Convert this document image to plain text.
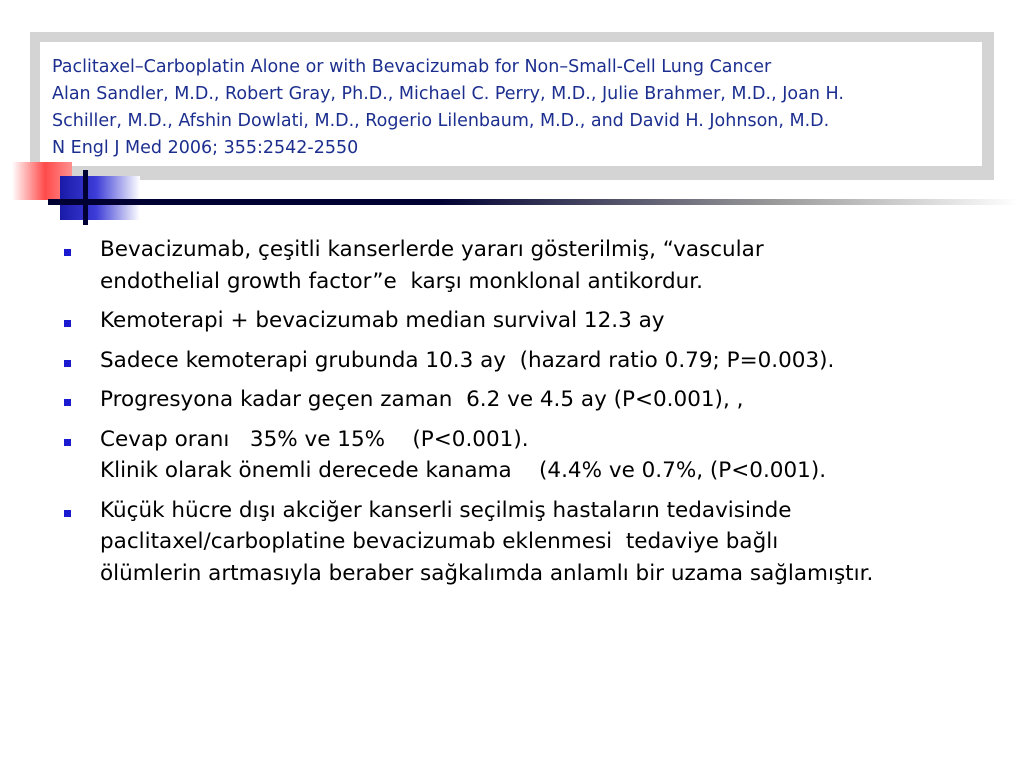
Paclitaxel–Carboplatin Alone or with Bevacizumab for Non–Small-Cell Lung Cancer
Alan Sandler, M.D., Robert Gray, Ph.D., Michael C. Perry, M.D., Julie Brahmer, M.D., Joan H.
Schiller, M.D., Afshin Dowlati, M.D., Rogerio Lilenbaum, M.D., and David H. Johnson, M.D.
N Engl J Med 2006; 355:2542-2550
Bevacizumab, çeşitli kanserlerde yararı gösterilmiş, “vascular
endothelial growth factor”e  karşı monklonal antikordur.
Kemoterapi + bevacizumab median survival 12.3 ay
Sadece kemoterapi grubunda 10.3 ay  (hazard ratio 0.79; P=0.003).
Progresyona kadar geçen zaman  6.2 ve 4.5 ay (P<0.001), ,
Cevap oranı   35% ve 15%    (P<0.001).
Klinik olarak önemli derecede kanama    (4.4% ve 0.7%, (P<0.001).
Küçük hücre dışı akciğer kanserli seçilmiş hastaların tedavisinde
paclitaxel/carboplatine bevacizumab eklenmesi  tedaviye bağlı
ölümlerin artmasıyla beraber sağkalımda anlamlı bir uzama sağlamıştır.
